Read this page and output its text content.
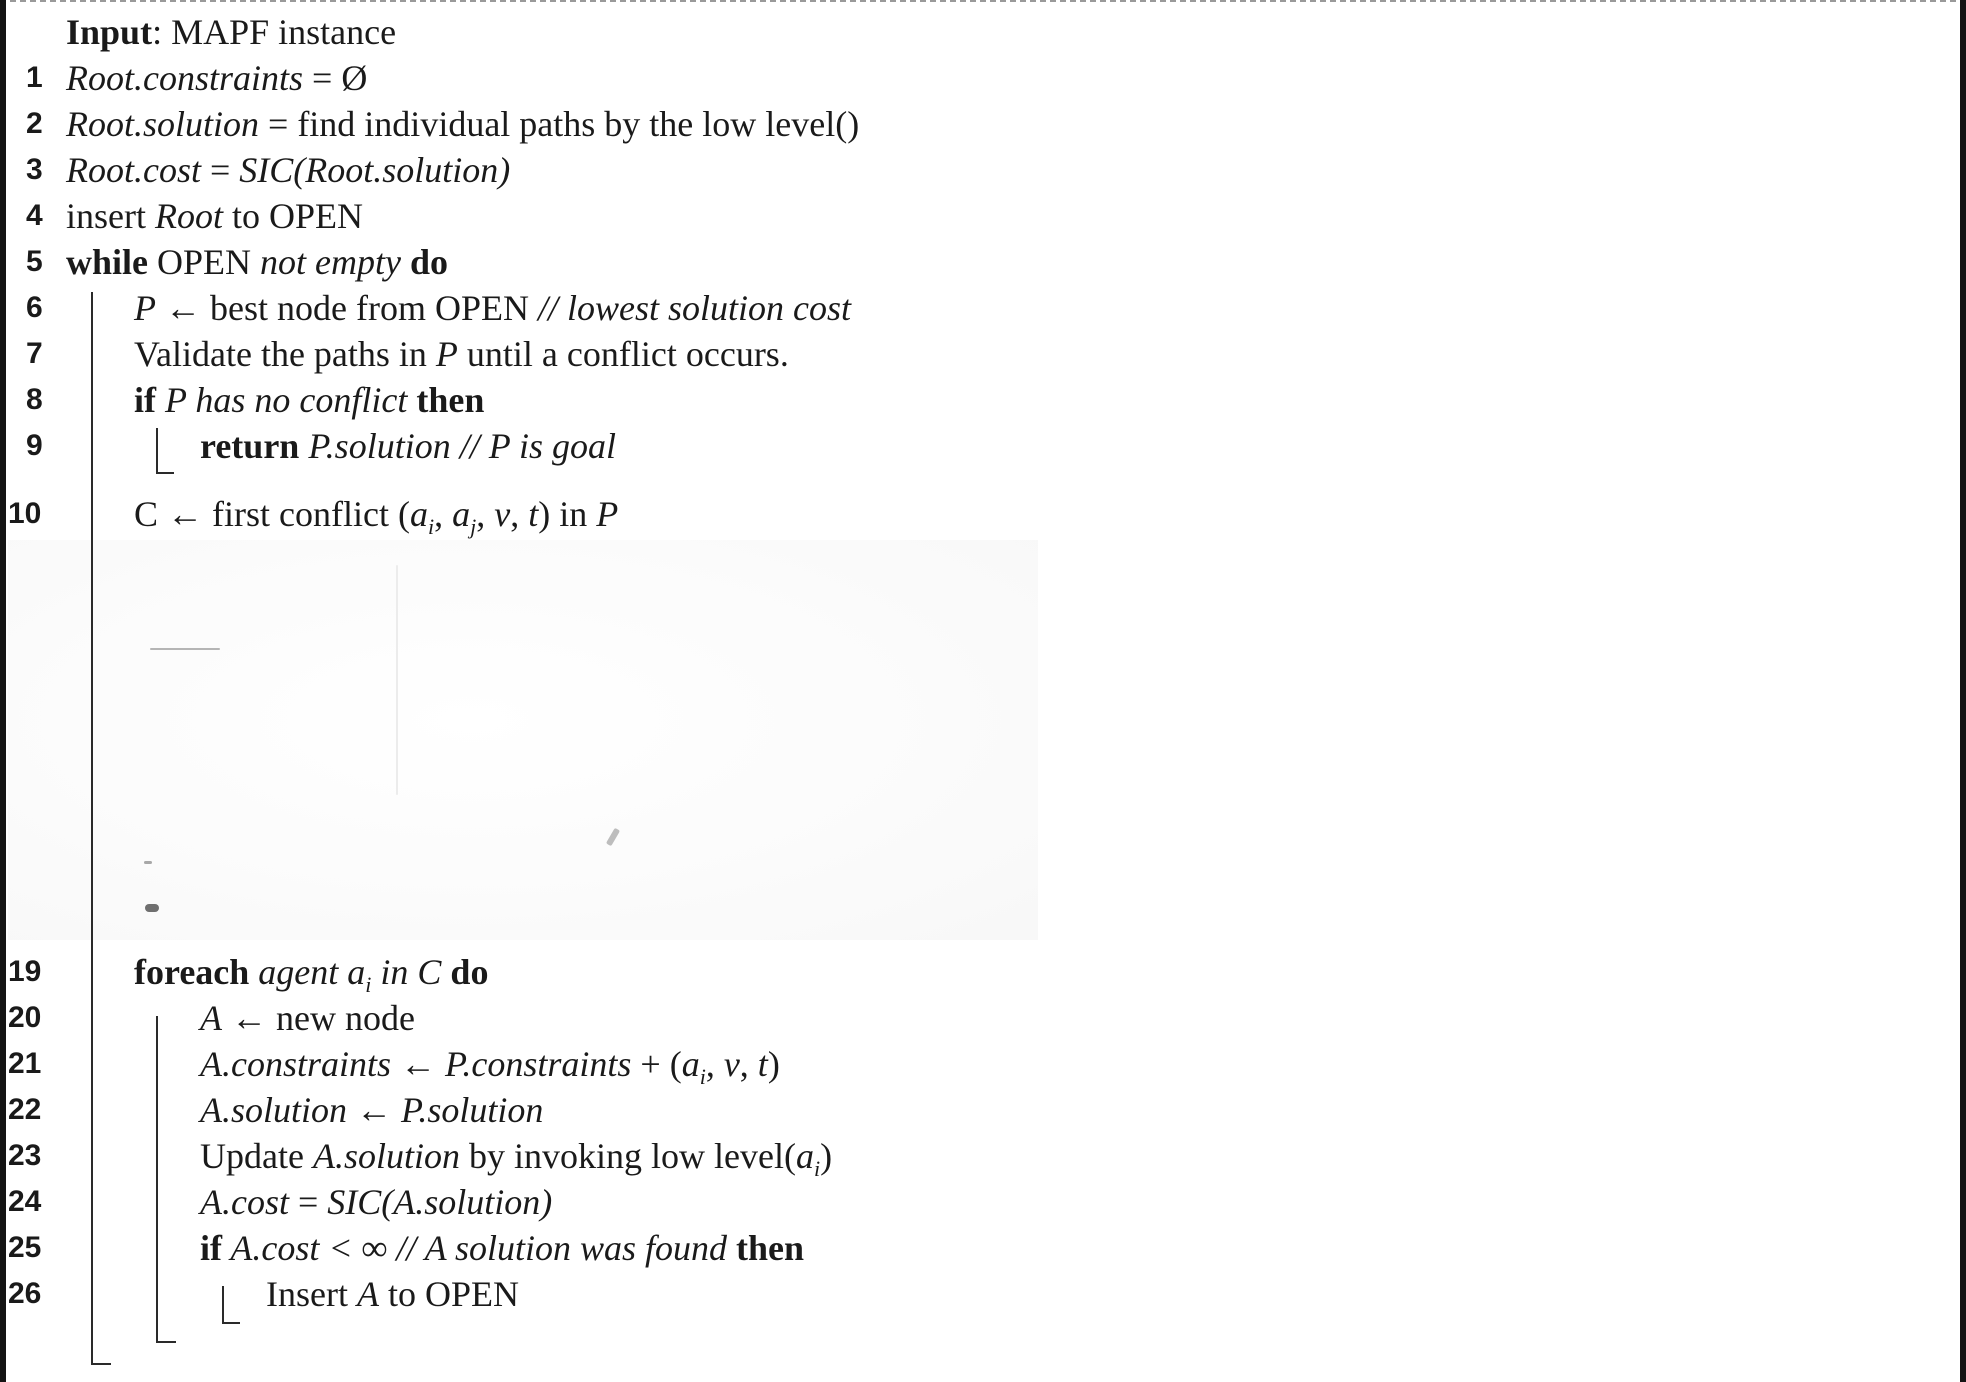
Input: MAPF instance
1 Root.constraints = Ø
2 Root.solution = find individual paths by the low level()
3 Root.cost = SIC(Root.solution)
4 insert Root to OPEN
5 while OPEN not empty do
6	P ← best node from OPEN // lowest solution cost
7	Validate the paths in P until a conflict occurs.
8	if P has no conflict then
9	return P.solution // P is goal
10	C ← first conflict ($a_i$, $a_j$, v, t) in P
19	foreach agent $a_i$ in C do
20	A ← new node
21	A.constraints ← P.constraints + ($a_i$, v, t)
22	A.solution ← P.solution
23	Update A.solution by invoking low $level(a_i)$
24	A.cost = SIC(A.solution)
25	if A.cost < ∞ // A solution was found then
26	Insert A to OPEN
